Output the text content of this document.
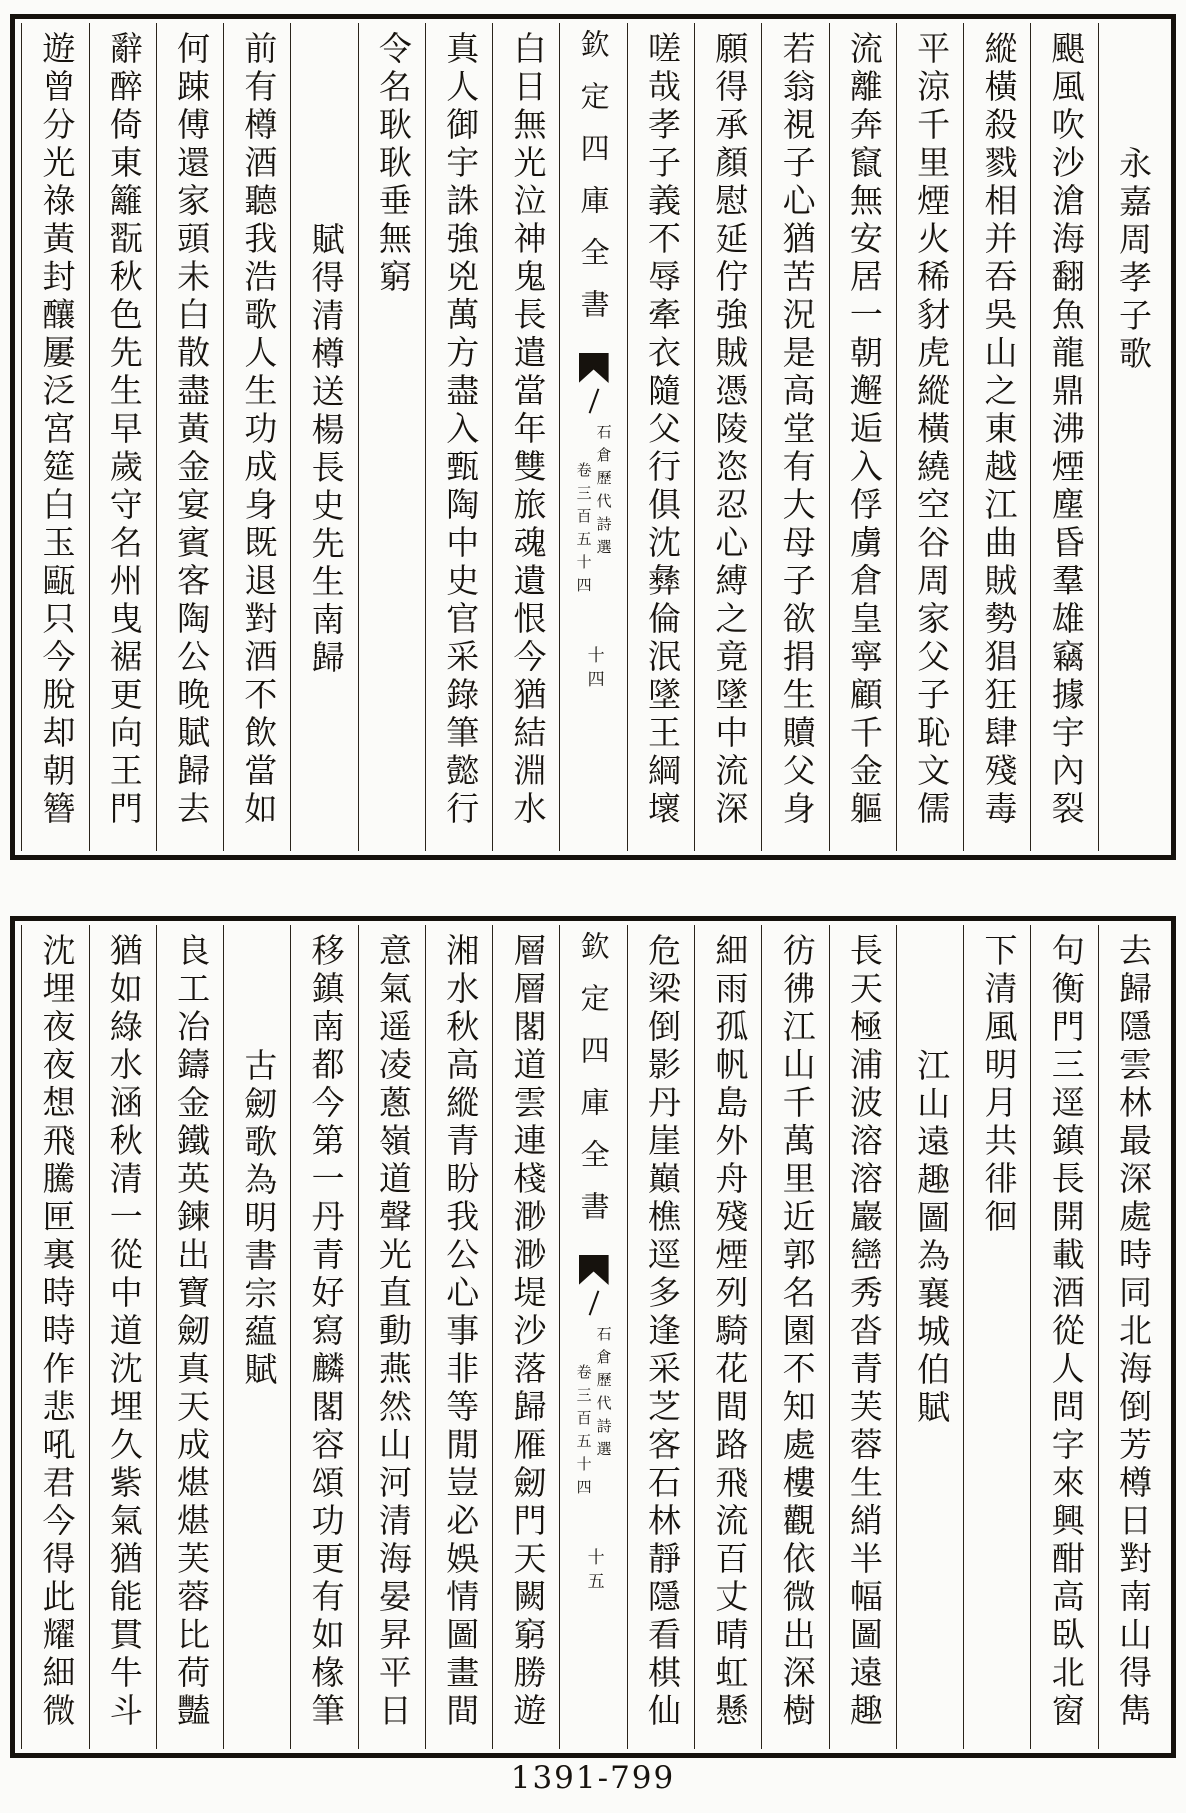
永嘉周孝子歌
颶風吹沙滄海翻魚龍鼎沸煙塵昏羣雄竊據宇內裂
縱橫殺戮相并吞吳山之東越江曲賊勢猖狂肆殘毒
平涼千里煙火稀豺虎縱橫繞空谷周家父子恥文儒
流離奔竄無安居一朝邂逅入俘虜倉皇寧顧千金軀
若翁視子心猶苦況是高堂有大母子欲捐生贖父身
願得承顏慰延佇強賊憑陵恣忍心縛之竟墜中流深
嗟哉孝子義不辱牽衣隨父行俱沈彝倫泯墜王綱壞
欽定四庫全書
石倉歷代詩選
卷三百五十四
十四
白日無光泣神鬼長遣當年雙旅魂遺恨今猶結淵水
真人御宇誅強兇萬方盡入甄陶中史官采錄筆懿行
令名耿耿垂無窮
賦得清樽送楊長史先生南歸
前有樽酒聽我浩歌人生功成身既退對酒不飲當如
何踈傅還家頭未白散盡黃金宴賓客陶公晚賦歸去
辭醉倚東籬翫秋色先生早歲守名州曳裾更向王門
遊曾分光祿黃封釀屢泛宮筵白玉甌只今脫却朝簪
去歸隱雲林最深處時同北海倒芳樽日對南山得雋
句衡門三逕鎮長開載酒從人問字來興酣高臥北窗
下清風明月共徘徊
江山遠趣圖為襄城伯賦
長天極浦波溶溶巖巒秀沓青芙蓉生綃半幅圖遠趣
彷彿江山千萬里近郭名園不知處樓觀依微出深樹
細雨孤帆島外舟殘煙列騎花間路飛流百丈晴虹懸
危梁倒影丹崖巔樵逕多逢采芝客石林靜隱看棋仙
欽定四庫全書
石倉歷代詩選
卷三百五十四
十五
層層閣道雲連棧渺渺堤沙落歸雁劒門天闕窮勝遊
湘水秋高縱青盼我公心事非等閒豈必娛情圖畫間
意氣遥凌蔥嶺道聲光直動燕然山河清海晏昇平日
移鎮南都今第一丹青好寫麟閣容頌功更有如椽筆
古劒歌為明書宗藴賦
良工冶鑄金鐵英鍊出寶劒真天成煁煁芙蓉比荷豔
猶如綠水涵秋清一從中道沈埋久紫氣猶能貫牛斗
沈埋夜夜想飛騰匣裏時時作悲吼君今得此耀細微
1391-799
